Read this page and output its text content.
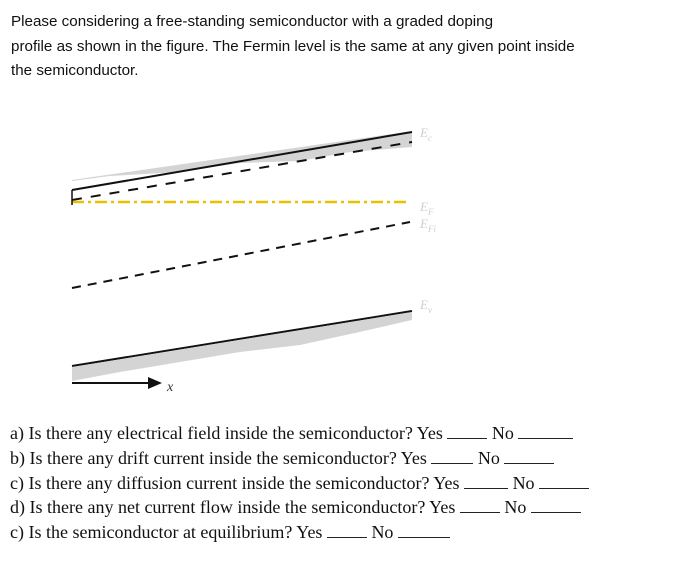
Please considering a free-standing semiconductor with a graded doping

profile as shown in the figure. The Fermin level is the same at any given point inside

the semiconductor.

$E_c$
$E_F$
$E_{Fi}$
$E_v$
x
a) Is there any electrical field inside the semiconductor? Yes	No
b) Is there any drift current inside the semiconductor? Yes	No
c) Is there any diffusion current inside the semiconductor? Yes	No
d) Is there any net current flow inside the semiconductor? Yes	No
c) Is the semiconductor at equilibrium? Yes	No
